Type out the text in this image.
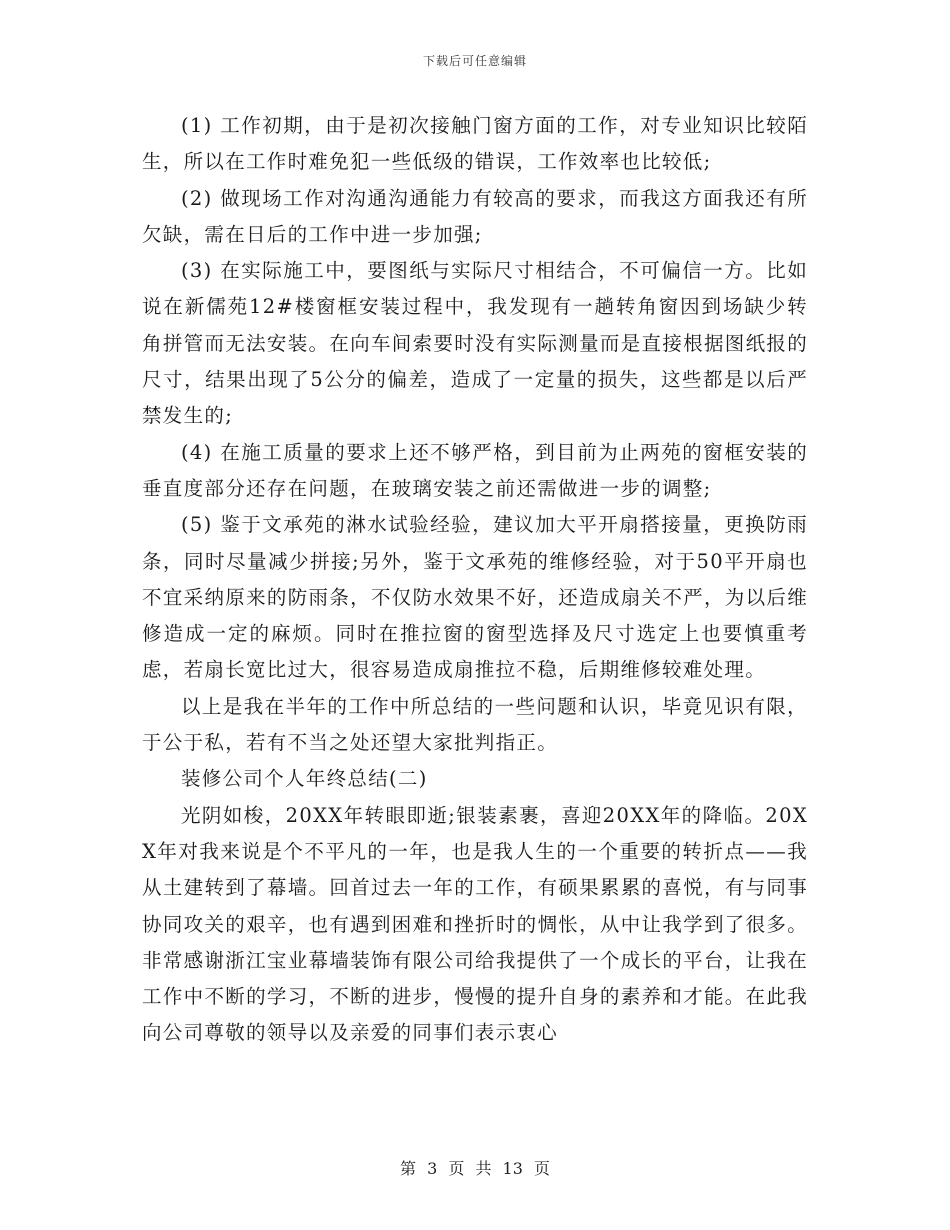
下载后可任意编辑

(1) 工作初期，由于是初次接触门窗方面的工作，对专业知识比较陌生，所以在工作时难免犯一些低级的错误，工作效率也比较低;

(2) 做现场工作对沟通沟通能力有较高的要求，而我这方面我还有所欠缺，需在日后的工作中进一步加强;

(3) 在实际施工中，要图纸与实际尺寸相结合，不可偏信一方。比如说在新儒苑12#楼窗框安装过程中，我发现有一趟转角窗因到场缺少转角拼管而无法安装。在向车间索要时没有实际测量而是直接根据图纸报的尺寸，结果出现了5公分的偏差，造成了一定量的损失，这些都是以后严禁发生的;

(4) 在施工质量的要求上还不够严格，到目前为止两苑的窗框安装的垂直度部分还存在问题，在玻璃安装之前还需做进一步的调整;

(5) 鉴于文承苑的淋水试验经验，建议加大平开扇搭接量，更换防雨条，同时尽量减少拼接;另外，鉴于文承苑的维修经验，对于50平开扇也不宜采纳原来的防雨条，不仅防水效果不好，还造成扇关不严，为以后维修造成一定的麻烦。同时在推拉窗的窗型选择及尺寸选定上也要慎重考虑，若扇长宽比过大，很容易造成扇推拉不稳，后期维修较难处理。

以上是我在半年的工作中所总结的一些问题和认识，毕竟见识有限，于公于私，若有不当之处还望大家批判指正。

装修公司个人年终总结(二)

光阴如梭，20XX年转眼即逝;银装素裹，喜迎20XX年的降临。20XX年对我来说是个不平凡的一年，也是我人生的一个重要的转折点——我从土建转到了幕墙。回首过去一年的工作，有硕果累累的喜悦，有与同事协同攻关的艰辛，也有遇到困难和挫折时的惆怅，从中让我学到了很多。非常感谢浙江宝业幕墙装饰有限公司给我提供了一个成长的平台，让我在工作中不断的学习，不断的进步，慢慢的提升自身的素养和才能。在此我向公司尊敬的领导以及亲爱的同事们表示衷心

第 3 页 共 13 页
